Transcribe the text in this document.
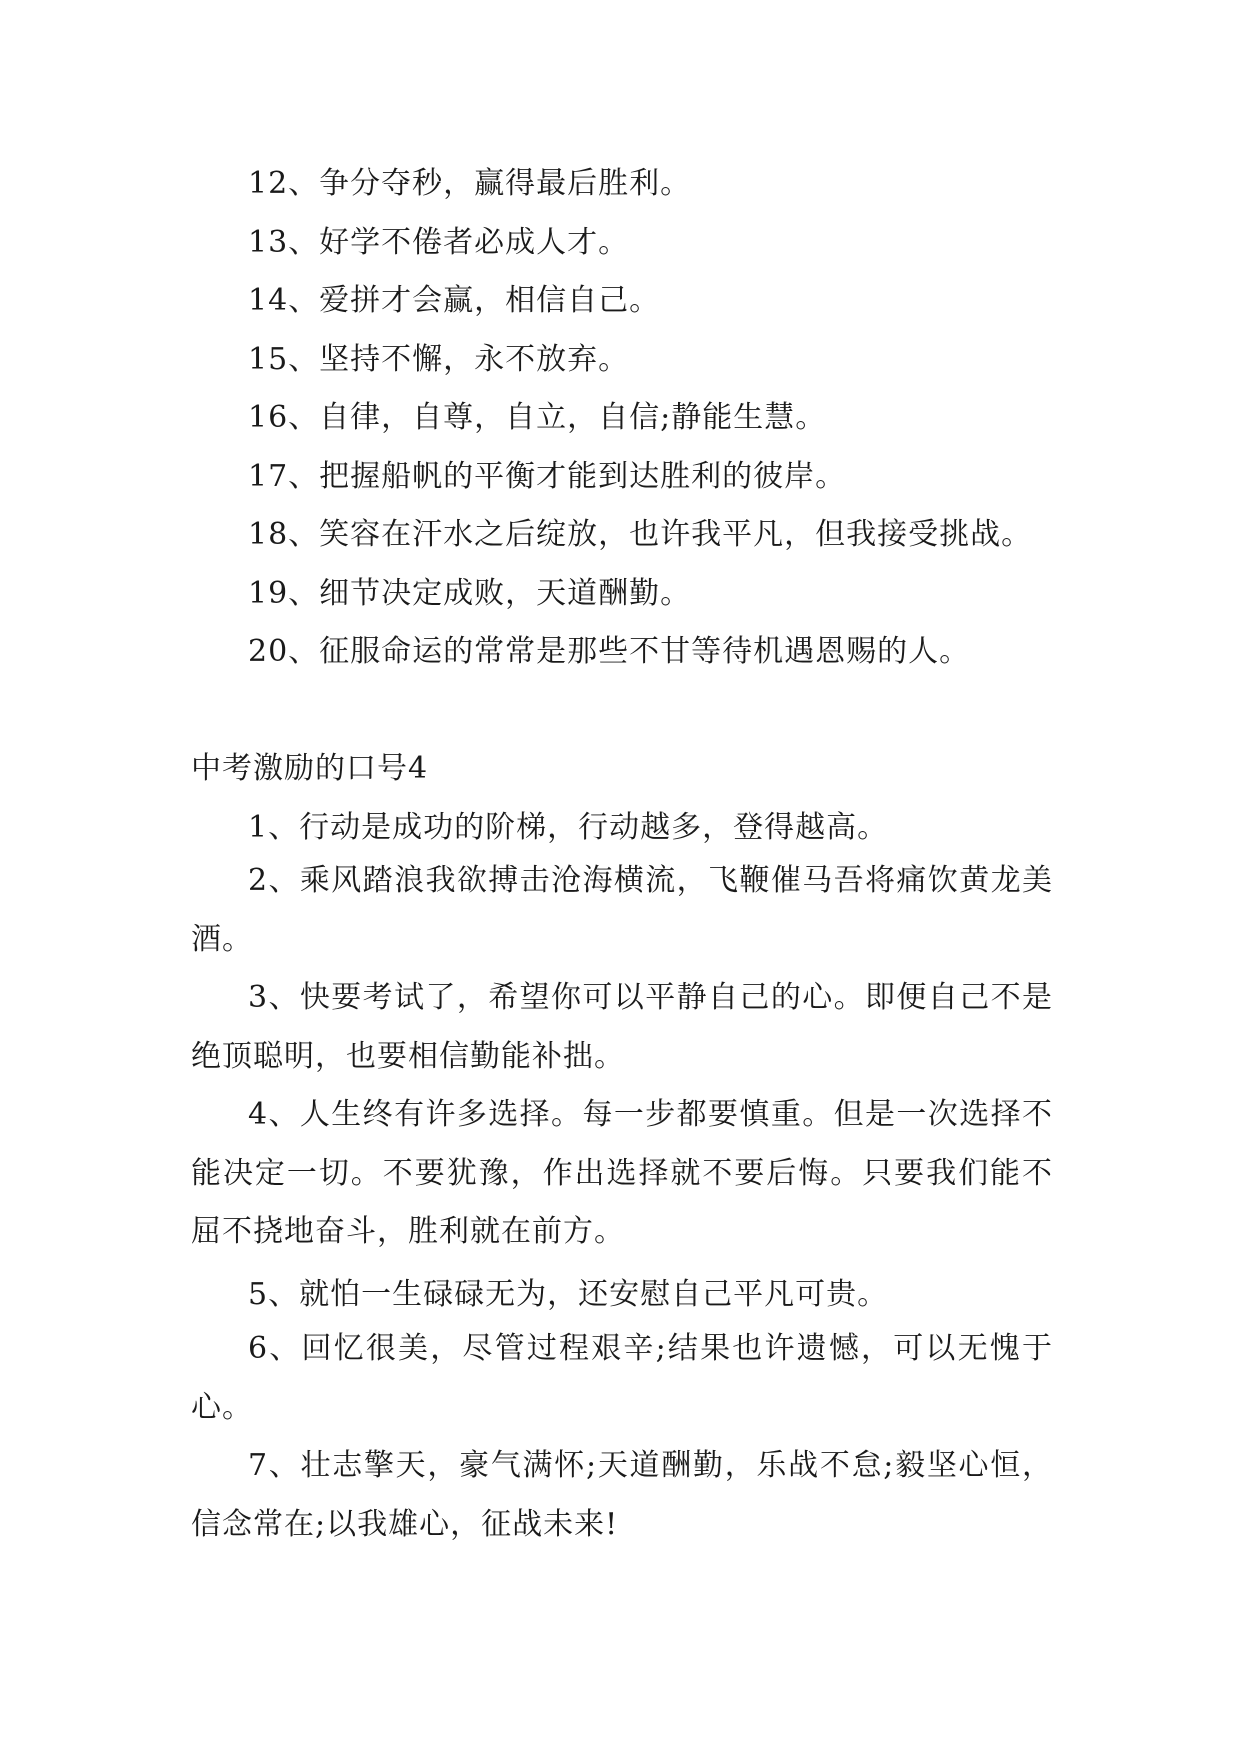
12、争分夺秒，赢得最后胜利。
13、好学不倦者必成人才。
14、爱拼才会赢，相信自己。
15、坚持不懈，永不放弃。
16、自律，自尊，自立，自信;静能生慧。
17、把握船帆的平衡才能到达胜利的彼岸。
18、笑容在汗水之后绽放，也许我平凡，但我接受挑战。
19、细节决定成败，天道酬勤。
20、征服命运的常常是那些不甘等待机遇恩赐的人。
中考激励的口号4
1、行动是成功的阶梯，行动越多，登得越高。
2、乘风踏浪我欲搏击沧海横流，飞鞭催马吾将痛饮黄龙美酒。
3、快要考试了，希望你可以平静自己的心。即便自己不是绝顶聪明，也要相信勤能补拙。
4、人生终有许多选择。每一步都要慎重。但是一次选择不能决定一切。不要犹豫，作出选择就不要后悔。只要我们能不屈不挠地奋斗，胜利就在前方。
5、就怕一生碌碌无为，还安慰自己平凡可贵。
6、回忆很美，尽管过程艰辛;结果也许遗憾，可以无愧于心。
7、壮志擎天，豪气满怀;天道酬勤，乐战不怠;毅坚心恒，信念常在;以我雄心，征战未来!
